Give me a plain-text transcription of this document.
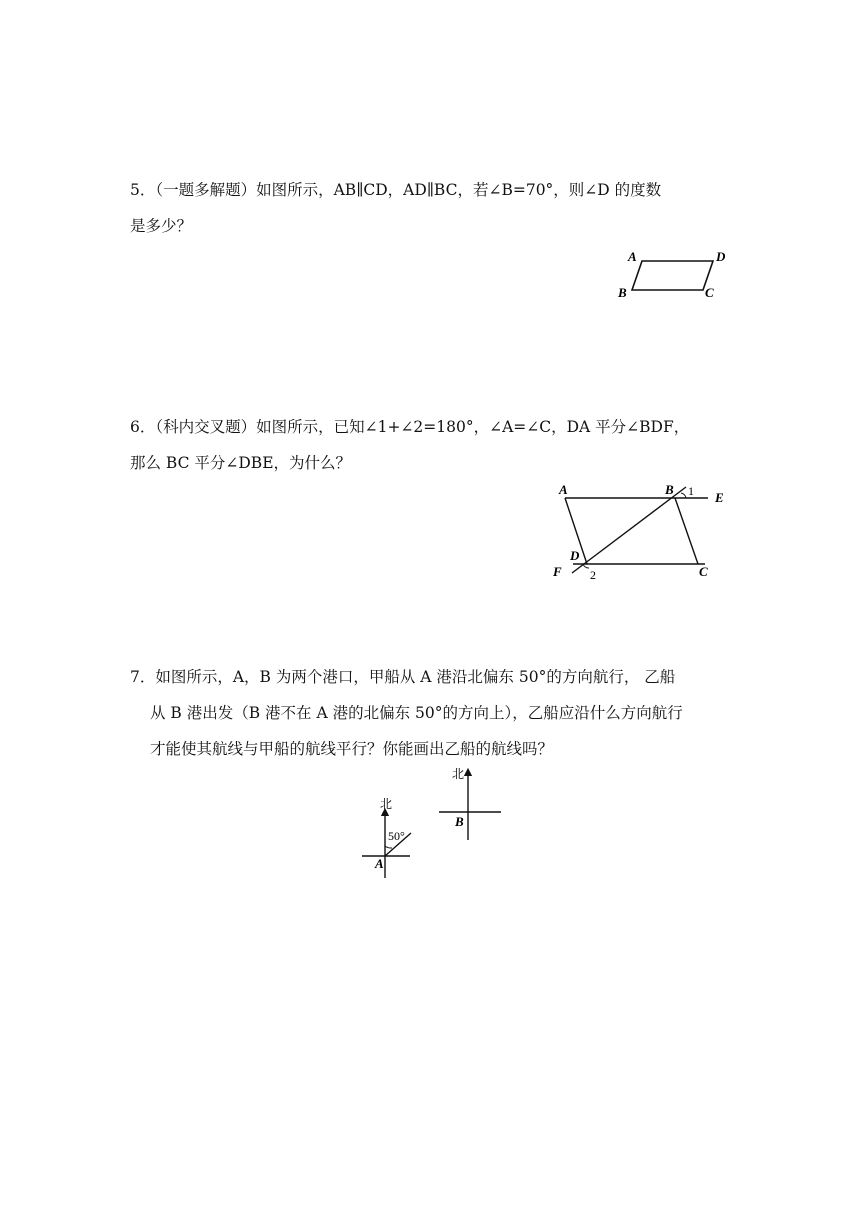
5．（一题多解题）如图所示，AB∥CD，AD∥BC，若∠B=70°，则∠D 的度数
是多少？
A	D
B	C
6．（科内交叉题）如图所示，已知∠1+∠2=180°，∠A=∠C，DA 平分∠BDF，
那么 BC 平分∠DBE，为什么？
A	B 1 E
D
F 2	C
7．如图所示，A，B 为两个港口，甲船从 A 港沿北偏东 50°的方向航行， 乙船
从 B 港出发（B 港不在 A 港的北偏东 50°的方向上），乙船应沿什么方向航行
才能使其航线与甲船的航线平行？你能画出乙船的航线吗？
北
50°
A
北
B
